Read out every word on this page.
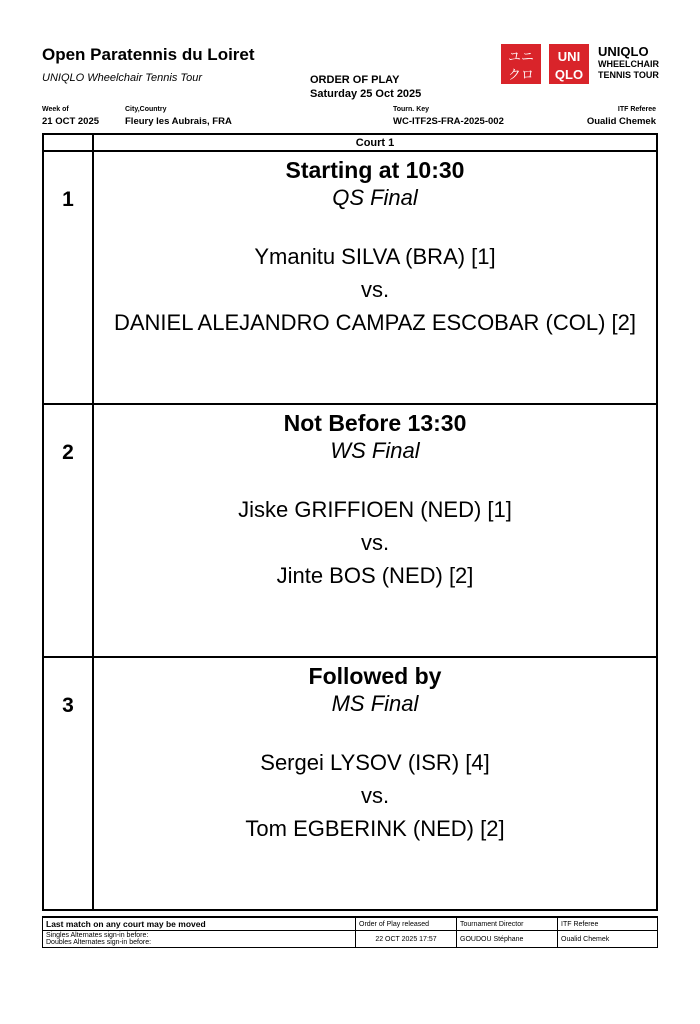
Open Paratennis du Loiret
UNIQLO Wheelchair Tennis Tour	ORDER OF PLAY
Saturday 25 Oct 2025
ユニ
クロ
UNI
QLO
UNIQLO
WHEELCHAIR
TENNIS TOUR
Week of
21 OCT 2025
City,Country
Fleury les Aubrais, FRA
Tourn. Key
WC-ITF2S-FRA-2025-002
ITF Referee
Oualid Chemek
	Court 1

1	Starting at 10:30
QS Final
Ymanitu SILVA (BRA) [1]
vs.
DANIEL ALEJANDRO CAMPAZ ESCOBAR (COL) [2]

2	Not Before 13:30
WS Final
Jiske GRIFFIOEN (NED) [1]
vs.
Jinte BOS (NED) [2]

3	Followed by
MS Final
Sergei LYSOV (ISR) [4]
vs.
Tom EGBERINK (NED) [2]
Last match on any court may be moved	Order of Play released	Tournament Director	ITF Referee

Singles Alternates sign-in before:
Doubles Alternates sign-in before:	22 OCT 2025 17:57	GOUDOU Stéphane	Oualid Chemek
